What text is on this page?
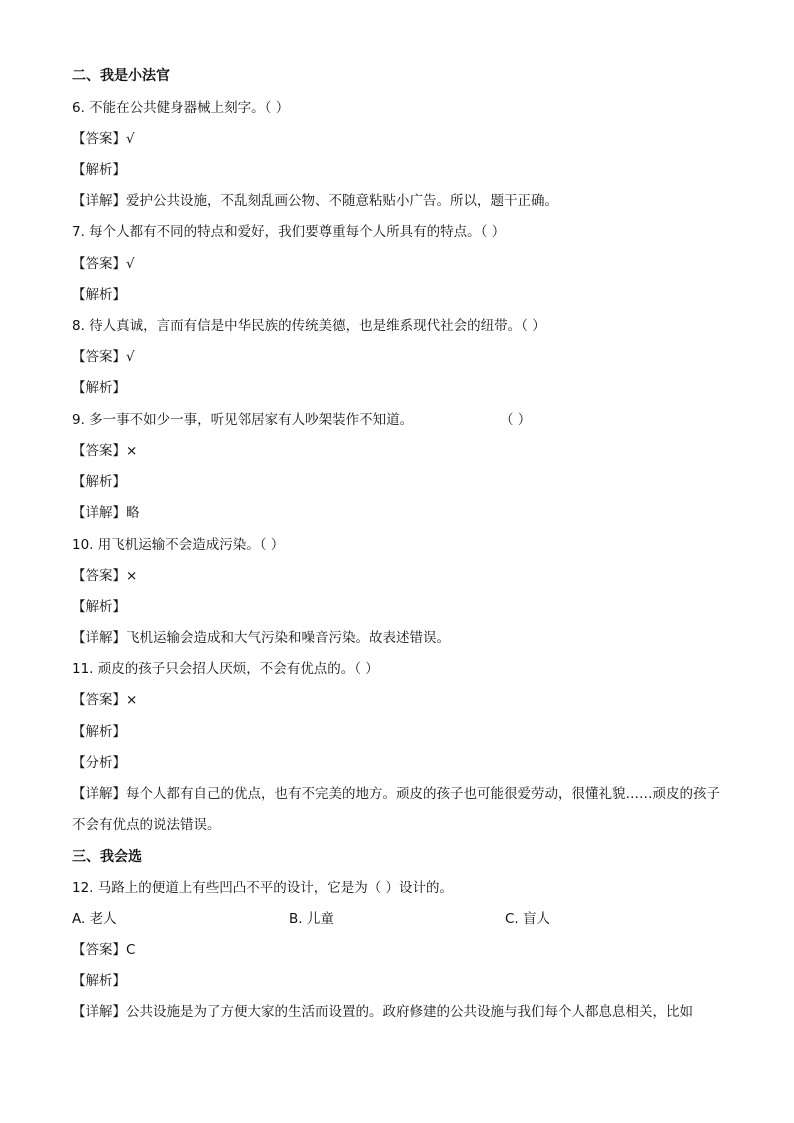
二、我是小法官
6. 不能在公共健身器械上刻字。（ ）
【答案】√
【解析】
【详解】爱护公共设施，不乱刻乱画公物、不随意粘贴小广告。所以，题干正确。
7. 每个人都有不同的特点和爱好，我们要尊重每个人所具有的特点。（ ）
【答案】√
【解析】
8. 待人真诚，言而有信是中华民族的传统美德，也是维系现代社会的纽带。（ ）
【答案】√
【解析】
9. 多一事不如少一事，听见邻居家有人吵架装作不知道。	（ ）
【答案】×
【解析】
【详解】略
10. 用飞机运输不会造成污染。（ ）
【答案】×
【解析】
【详解】飞机运输会造成和大气污染和噪音污染。故表述错误。
11. 顽皮的孩子只会招人厌烦，不会有优点的。（ ）
【答案】×
【解析】
【分析】
【详解】每个人都有自己的优点，也有不完美的地方。顽皮的孩子也可能很爱劳动，很懂礼貌……顽皮的孩子不会有优点的说法错误。
三、我会选
12. 马路上的便道上有些凹凸不平的设计，它是为（ ）设计的。
A. 老人	B. 儿童	C. 盲人
【答案】C
【解析】
【详解】公共设施是为了方便大家的生活而设置的。政府修建的公共设施与我们每个人都息息相关，比如
